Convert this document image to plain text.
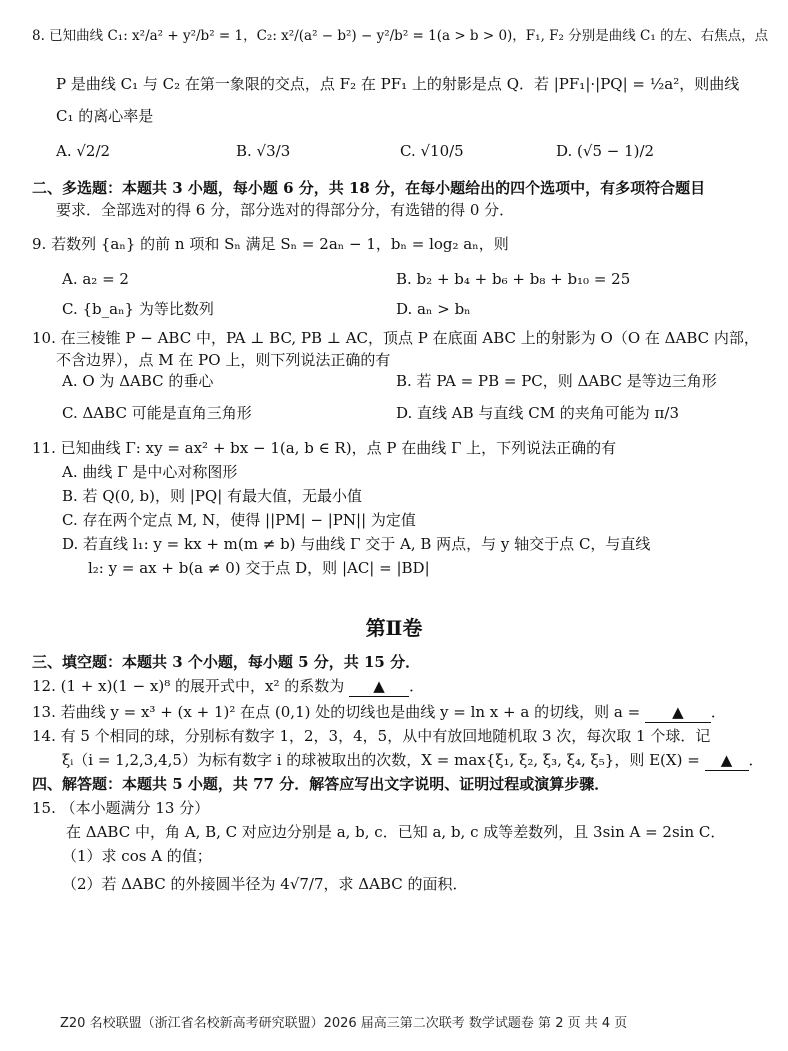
8. 已知曲线 C₁: x²/a² + y²/b² = 1，C₂: x²/(a² − b²) − y²/b² = 1(a > b > 0)，F₁, F₂ 分别是曲线 C₁ 的左、右焦点，点
P 是曲线 C₁ 与 C₂ 在第一象限的交点，点 F₂ 在 PF₁ 上的射影是点 Q．若 |PF₁|·|PQ| = ½a²，则曲线
C₁ 的离心率是
A. √2/2	B. √3/3	C. √10/5	D. (√5 − 1)/2
二、多选题：本题共 3 小题，每小题 6 分，共 18 分，在每小题给出的四个选项中，有多项符合题目
要求．全部选对的得 6 分，部分选对的得部分分，有选错的得 0 分．
9. 若数列 {aₙ} 的前 n 项和 Sₙ 满足 Sₙ = 2aₙ − 1，bₙ = log₂ aₙ，则
A. a₂ = 2	B. b₂ + b₄ + b₆ + b₈ + b₁₀ = 25
C. {b_aₙ} 为等比数列	D. aₙ > bₙ
10. 在三棱锥 P − ABC 中，PA ⊥ BC, PB ⊥ AC，顶点 P 在底面 ABC 上的射影为 O（O 在 ΔABC 内部，
不含边界），点 M 在 PO 上，则下列说法正确的有
A. O 为 ΔABC 的垂心	B. 若 PA = PB = PC，则 ΔABC 是等边三角形
C. ΔABC 可能是直角三角形	D. 直线 AB 与直线 CM 的夹角可能为 π/3
11. 已知曲线 Γ: xy = ax² + bx − 1(a, b ∈ R)，点 P 在曲线 Γ 上，下列说法正确的有
A. 曲线 Γ 是中心对称图形
B. 若 Q(0, b)，则 |PQ| 有最大值，无最小值
C. 存在两个定点 M, N，使得 ||PM| − |PN|| 为定值
D. 若直线 l₁: y = kx + m(m ≠ b) 与曲线 Γ 交于 A, B 两点，与 y 轴交于点 C，与直线
l₂: y = ax + b(a ≠ 0) 交于点 D，则 |AC| = |BD|
第Ⅱ卷
三、填空题：本题共 3 个小题，每小题 5 分，共 15 分．
12. (1 + x)(1 − x)⁸ 的展开式中，x² 的系数为 ▲ ．
13. 若曲线 y = x³ + (x + 1)² 在点 (0,1) 处的切线也是曲线 y = ln x + a 的切线，则 a = ▲ ．
14. 有 5 个相同的球，分别标有数字 1，2，3，4，5，从中有放回地随机取 3 次，每次取 1 个球．记
ξᵢ（i = 1,2,3,4,5）为标有数字 i 的球被取出的次数，X = max{ξ₁, ξ₂, ξ₃, ξ₄, ξ₅}，则 E(X) = ▲ ．
四、解答题：本题共 5 小题，共 77 分．解答应写出文字说明、证明过程或演算步骤．
15. （本小题满分 13 分）
在 ΔABC 中，角 A, B, C 对应边分别是 a, b, c．已知 a, b, c 成等差数列，且 3sin A = 2sin C．
（1）求 cos A 的值；
（2）若 ΔABC 的外接圆半径为 4√7/7，求 ΔABC 的面积．
Z20 名校联盟（浙江省名校新高考研究联盟）2026 届高三第二次联考 数学试题卷 第 2 页 共 4 页
